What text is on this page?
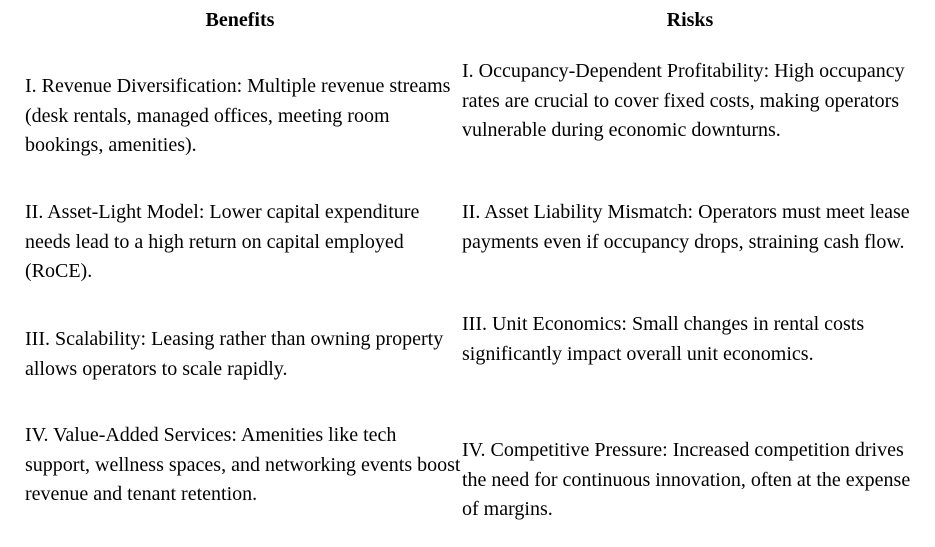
Benefits	Risks
I. Revenue Diversification: Multiple revenue streams (desk rentals, managed offices, meeting room bookings, amenities).
II. Asset-Light Model: Lower capital expenditure needs lead to a high return on capital employed (RoCE).
III. Scalability: Leasing rather than owning property allows operators to scale rapidly.
IV. Value-Added Services: Amenities like tech support, wellness spaces, and networking events boost revenue and tenant retention.
I. Occupancy-Dependent Profitability: High occupancy rates are crucial to cover fixed costs, making operators vulnerable during economic downturns.
II. Asset Liability Mismatch: Operators must meet lease payments even if occupancy drops, straining cash flow.
III. Unit Economics: Small changes in rental costs significantly impact overall unit economics.
IV. Competitive Pressure: Increased competition drives the need for continuous innovation, often at the expense of margins.
